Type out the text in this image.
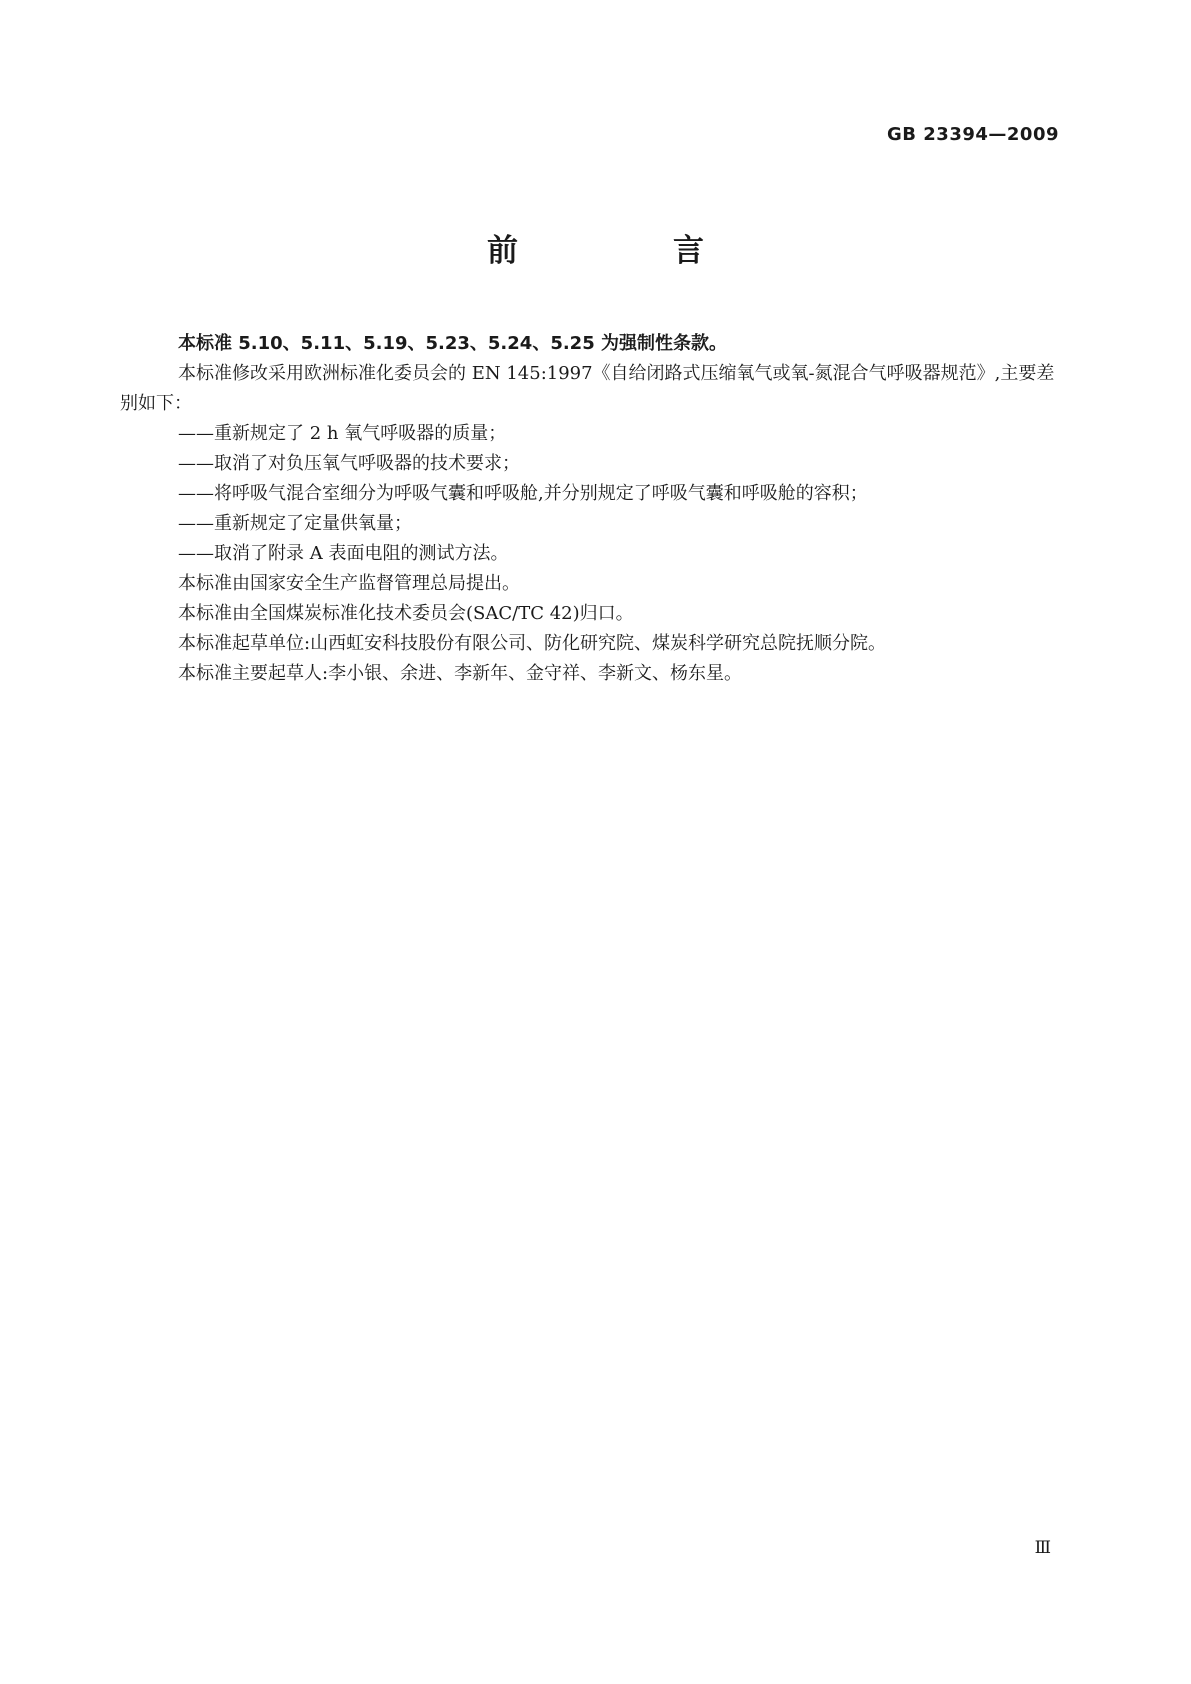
GB 23394—2009
前　言

本标准 5.10、5.11、5.19、5.23、5.24、5.25 为强制性条款。

本标准修改采用欧洲标准化委员会的 EN 145:1997《自给闭路式压缩氧气或氧-氮混合气呼吸器规范》,主要差别如下：

——重新规定了 2 h 氧气呼吸器的质量；

——取消了对负压氧气呼吸器的技术要求；

——将呼吸气混合室细分为呼吸气囊和呼吸舱,并分别规定了呼吸气囊和呼吸舱的容积；

——重新规定了定量供氧量；

——取消了附录 A 表面电阻的测试方法。

本标准由国家安全生产监督管理总局提出。

本标准由全国煤炭标准化技术委员会(SAC/TC 42)归口。

本标准起草单位:山西虹安科技股份有限公司、防化研究院、煤炭科学研究总院抚顺分院。

本标准主要起草人:李小银、余进、李新年、金守祥、李新文、杨东星。

Ⅲ
